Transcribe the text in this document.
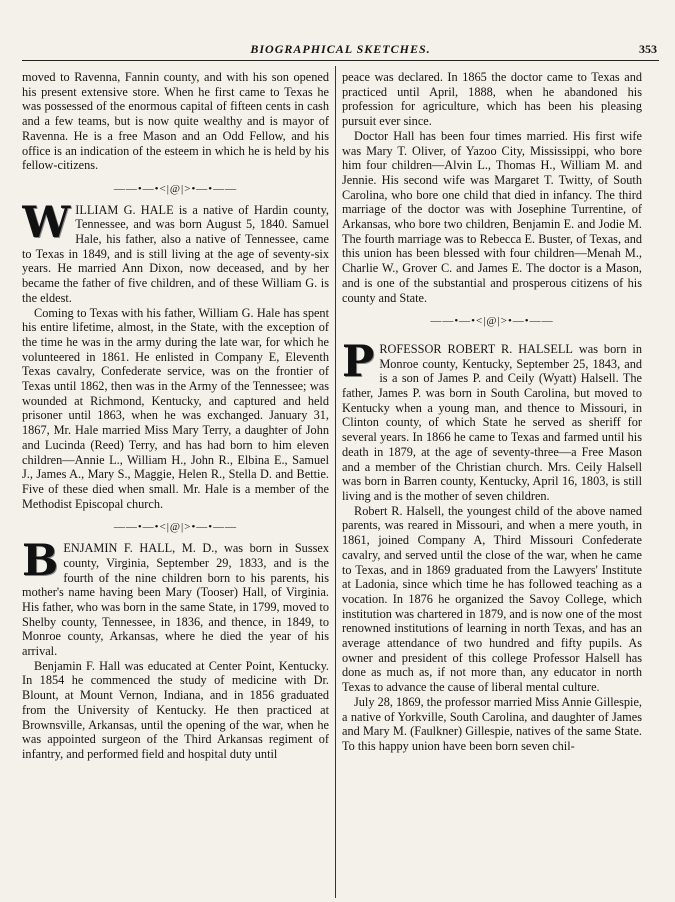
BIOGRAPHICAL SKETCHES.	353

moved to Ravenna, Fannin county, and with his son opened his present extensive store. When he first came to Texas he was possessed of the enormous capital of fifteen cents in cash and a few teams, but is now quite wealthy and is mayor of Ravenna. He is a free Mason and an Odd Fellow, and his office is an indication of the esteem in which he is held by his fellow-citizens.

——•—•<|@|>•—•——

WILLIAM G. HALE is a native of Hardin county, Tennessee, and was born August 5, 1840. Samuel Hale, his father, also a native of Tennessee, came to Texas in 1849, and is still living at the age of seventy-six years. He married Ann Dixon, now deceased, and by her became the father of five children, and of these William G. is the eldest.

Coming to Texas with his father, William G. Hale has spent his entire lifetime, almost, in the State, with the exception of the time he was in the army during the late war, for which he volunteered in 1861. He enlisted in Company E, Eleventh Texas cavalry, Confederate service, was on the frontier of Texas until 1862, then was in the Army of the Tennessee; was wounded at Richmond, Kentucky, and captured and held prisoner until 1863, when he was exchanged. January 31, 1867, Mr. Hale married Miss Mary Terry, a daughter of John and Lucinda (Reed) Terry, and has had born to him eleven children—Annie L., William H., John R., Elbina E., Samuel J., James A., Mary S., Maggie, Helen R., Stella D. and Bettie. Five of these died when small. Mr. Hale is a member of the Methodist Episcopal church.

——•—•<|@|>•—•——

BENJAMIN F. HALL, M. D., was born in Sussex county, Virginia, September 29, 1833, and is the fourth of the nine children born to his parents, his mother's name having been Mary (Tooser) Hall, of Virginia. His father, who was born in the same State, in 1799, moved to Shelby county, Tennessee, in 1836, and thence, in 1849, to Monroe county, Arkansas, where he died the year of his arrival.

Benjamin F. Hall was educated at Center Point, Kentucky. In 1854 he commenced the study of medicine with Dr. Blount, at Mount Vernon, Indiana, and in 1856 graduated from the University of Kentucky. He then practiced at Brownsville, Arkansas, until the opening of the war, when he was appointed surgeon of the Third Arkansas regiment of infantry, and performed field and hospital duty until

peace was declared. In 1865 the doctor came to Texas and practiced until April, 1888, when he abandoned his profession for agriculture, which has been his pleasing pursuit ever since.

Doctor Hall has been four times married. His first wife was Mary T. Oliver, of Yazoo City, Mississippi, who bore him four children—Alvin L., Thomas H., William M. and Jennie. His second wife was Margaret T. Twitty, of South Carolina, who bore one child that died in infancy. The third marriage of the doctor was with Josephine Turrentine, of Arkansas, who bore two children, Benjamin E. and Jodie M. The fourth marriage was to Rebecca E. Buster, of Texas, and this union has been blessed with four children—Menah M., Charlie W., Grover C. and James E. The doctor is a Mason, and is one of the substantial and prosperous citizens of his county and State.

——•—•<|@|>•—•——

PROFESSOR ROBERT R. HALSELL was born in Monroe county, Kentucky, September 25, 1843, and is a son of James P. and Ceily (Wyatt) Halsell. The father, James P. was born in South Carolina, but moved to Kentucky when a young man, and thence to Missouri, in Clinton county, of which State he served as sheriff for several years. In 1866 he came to Texas and farmed until his death in 1879, at the age of seventy-three—a Free Mason and a member of the Christian church. Mrs. Ceily Halsell was born in Barren county, Kentucky, April 16, 1803, is still living and is the mother of seven children.

Robert R. Halsell, the youngest child of the above named parents, was reared in Missouri, and when a mere youth, in 1861, joined Company A, Third Missouri Confederate cavalry, and served until the close of the war, when he came to Texas, and in 1869 graduated from the Lawyers' Institute at Ladonia, since which time he has followed teaching as a vocation. In 1876 he organized the Savoy College, which institution was chartered in 1879, and is now one of the most renowned institutions of learning in north Texas, and has an average attendance of two hundred and fifty pupils. As owner and president of this college Professor Halsell has done as much as, if not more than, any educator in north Texas to advance the cause of liberal mental culture.

July 28, 1869, the professor married Miss Annie Gillespie, a native of Yorkville, South Carolina, and daughter of James and Mary M. (Faulkner) Gillespie, natives of the same State. To this happy union have been born seven chil-
